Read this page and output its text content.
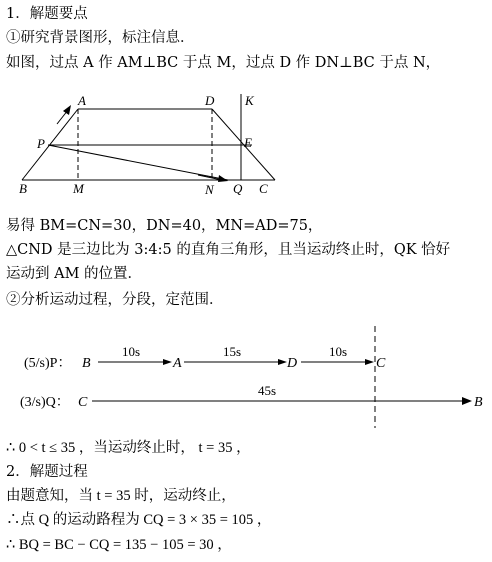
1．解题要点
①研究背景图形，标注信息．
如图，过点 A 作 AM⊥BC 于点 M，过点 D 作 DN⊥BC 于点 N，
A	D K
P	E
B	M	N Q C
易得 BM=CN=30，DN=40，MN=AD=75，
△CND 是三边比为 3:4:5 的直角三角形，且当运动终止时，QK 恰好
运动到 AM 的位置．
②分析运动过程，分段，定范围．
(5/s)P： B	A	D	C
10s	15s	10s
(3/s)Q： C	B
45s
∴ 0 < t ≤ 35 ，当运动终止时， t = 35 ，
2．解题过程
由题意知，当 t = 35 时，运动终止，
∴点 Q 的运动路程为 CQ = 3 × 35 = 105 ，
∴ BQ = BC − CQ = 135 − 105 = 30 ，
